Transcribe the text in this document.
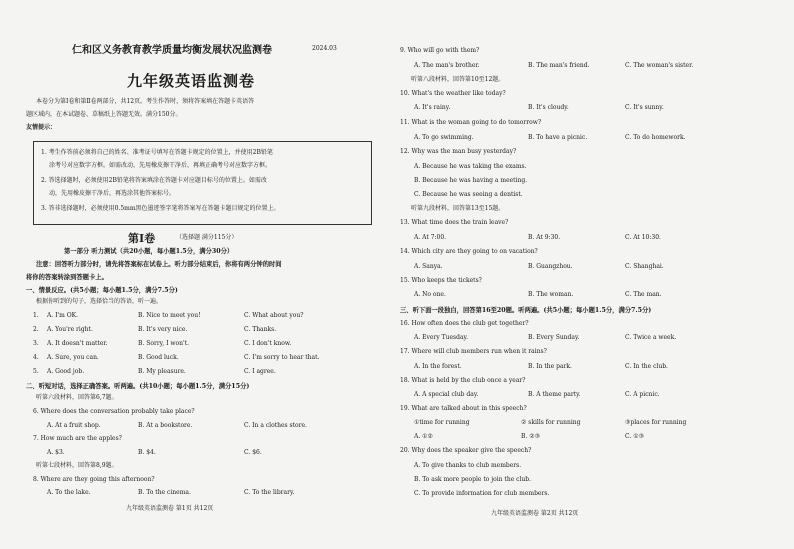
仁和区义务教育教学质量均衡发展状况监测卷	2024.03
九年级英语监测卷
本卷分为第Ⅰ卷和第Ⅱ卷两部分，共12页。考生作答时，须将答案填在答题卡英语答
题区域内，在本试题卷、草稿纸上答题无效。满分150分。
友情提示：
1. 考生作答前必须将自己的姓名、准考证号填写在答题卡规定的位置上，并使用2B铅笔
涂考号对应数字方框。如需改动，先用橡皮擦干净后，再填正确考号对应数字方框。
2. 答选择题时，必须使用2B铅笔将答案填涂在答题卡对应题目标号的位置上。如需改
动，先用橡皮擦干净后，再选涂其他答案标号。
3. 答非选择题时，必须使用0.5mm黑色墨迹签字笔将答案写在答题卡题目规定的位置上。
第Ⅰ卷	（选择题 满分115分）
第一部分 听力测试（共20小题，每小题1.5分，满分30分）
注意：回答听力部分时，请先将答案标在试卷上。听力部分结束后，你将有两分钟的时间
将你的答案转涂到答题卡上。
一、情景反应。(共5小题；每小题1.5分，满分7.5分)
根据你听到的句子，选择恰当的答语，听一遍。
1. A. I'm OK.	B. Nice to meet you!	C. What about you?
2. A. You're right.	B. It's very nice.	C. Thanks.
3. A. It doesn't matter.	B. Sorry, I won't.	C. I don't know.
4. A. Sure, you can.	B. Good luck.	C. I'm sorry to hear that.
5. A. Good job.	B. My pleasure.	C. I agree.
二、听短对话，选择正确答案。听两遍。(共10小题；每小题1.5分，满分15分)
听第六段材料，回答第6,7题。
6. Where does the conversation probably take place?
A. At a fruit shop.	B. At a bookstore.	C. In a clothes store.
7. How much are the apples?
A. $3.	B. $4.	C. $6.
听第七段材料，回答第8,9题。
8. Where are they going this afternoon?
A. To the lake.	B. To the cinema.	C. To the library.
九年级英语监测卷 第1页 共12页
9. Who will go with them?
A. The man's brother.	B. The man's friend.	C. The woman's sister.
听第八段材料，回答第10至12题。
10. What's the weather like today?
A. It's rainy.	B. It's cloudy.	C. It's sunny.
11. What is the woman going to do tomorrow?
A. To go swimming.	B. To have a picnic.	C. To do homework.
12. Why was the man busy yesterday?
A. Because he was taking the exams.
B. Because he was having a meeting.
C. Because he was seeing a dentist.
听第九段材料，回答第13至15题。
13. What time does the train leave?
A. At 7:00.	B. At 9:30.	C. At 10:30.
14. Which city are they going to on vacation?
A. Sanya.	B. Guangzhou.	C. Shanghai.
15. Who keeps the tickets?
A. No one.	B. The woman.	C. The man.
三、听下面一段独白，回答第16至20题。听两遍。(共5小题；每小题1.5分，满分7.5分)
16. How often does the club get together?
A. Every Tuesday.	B. Every Sunday.	C. Twice a week.
17. Where will club members run when it rains?
A. In the forest.	B. In the park.	C. In the club.
18. What is held by the club once a year?
A. A special club day.	B. A theme party.	C. A picnic.
19. What are talked about in this speech?
①time for running	② skills for running	③places for running
A. ①②	B. ②③	C. ①③
20. Why does the speaker give the speech?
A. To give thanks to club members.
B. To ask more people to join the club.
C. To provide information for club members.
九年级英语监测卷 第2页 共12页
